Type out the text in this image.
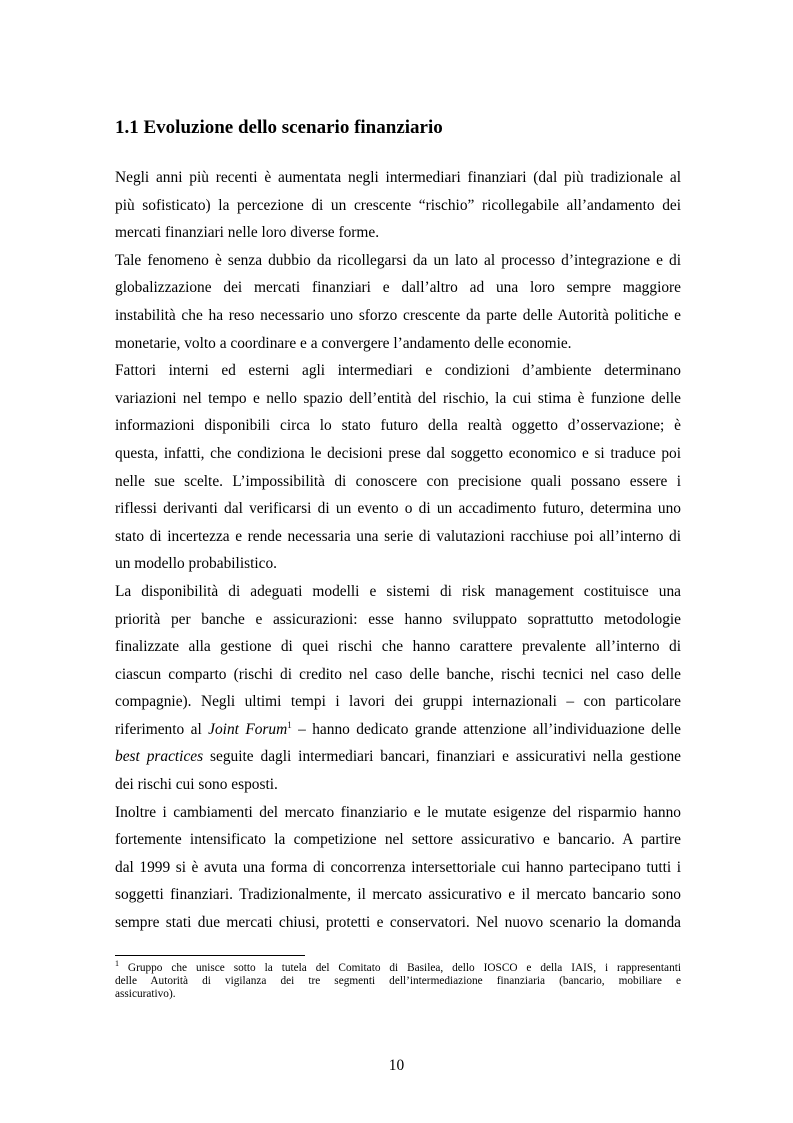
1.1 Evoluzione dello scenario finanziario
Negli anni più recenti è aumentata negli intermediari finanziari (dal più tradizionale al
più sofisticato) la percezione di un crescente “rischio” ricollegabile all’andamento dei
mercati finanziari nelle loro diverse forme.
Tale fenomeno è senza dubbio da ricollegarsi da un lato al processo d’integrazione e di
globalizzazione dei mercati finanziari e dall’altro ad una loro sempre maggiore
instabilità che ha reso necessario uno sforzo crescente da parte delle Autorità politiche e
monetarie, volto a coordinare e a convergere l’andamento delle economie.
Fattori interni ed esterni agli intermediari e condizioni d’ambiente determinano
variazioni nel tempo e nello spazio dell’entità del rischio, la cui stima è funzione delle
informazioni disponibili circa lo stato futuro della realtà oggetto d’osservazione; è
questa, infatti, che condiziona le decisioni prese dal soggetto economico e si traduce poi
nelle sue scelte. L’impossibilità di conoscere con precisione quali possano essere i
riflessi derivanti dal verificarsi di un evento o di un accadimento futuro, determina uno
stato di incertezza e rende necessaria una serie di valutazioni racchiuse poi all’interno di
un modello probabilistico.
La disponibilità di adeguati modelli e sistemi di risk management costituisce una
priorità per banche e assicurazioni: esse hanno sviluppato soprattutto metodologie
finalizzate alla gestione di quei rischi che hanno carattere prevalente all’interno di
ciascun comparto (rischi di credito nel caso delle banche, rischi tecnici nel caso delle
compagnie). Negli ultimi tempi i lavori dei gruppi internazionali – con particolare
riferimento al Joint Forum$^1$ – hanno dedicato grande attenzione all’individuazione delle
best practices seguite dagli intermediari bancari, finanziari e assicurativi nella gestione
dei rischi cui sono esposti.
Inoltre i cambiamenti del mercato finanziario e le mutate esigenze del risparmio hanno
fortemente intensificato la competizione nel settore assicurativo e bancario. A partire
dal 1999 si è avuta una forma di concorrenza intersettoriale cui hanno partecipano tutti i
soggetti finanziari. Tradizionalmente, il mercato assicurativo e il mercato bancario sono
sempre stati due mercati chiusi, protetti e conservatori. Nel nuovo scenario la domanda
$^1$ Gruppo che unisce sotto la tutela del Comitato di Basilea, dello IOSCO e della IAIS, i rappresentanti
delle Autorità di vigilanza dei tre segmenti dell’intermediazione finanziaria (bancario, mobiliare e
assicurativo).
10
